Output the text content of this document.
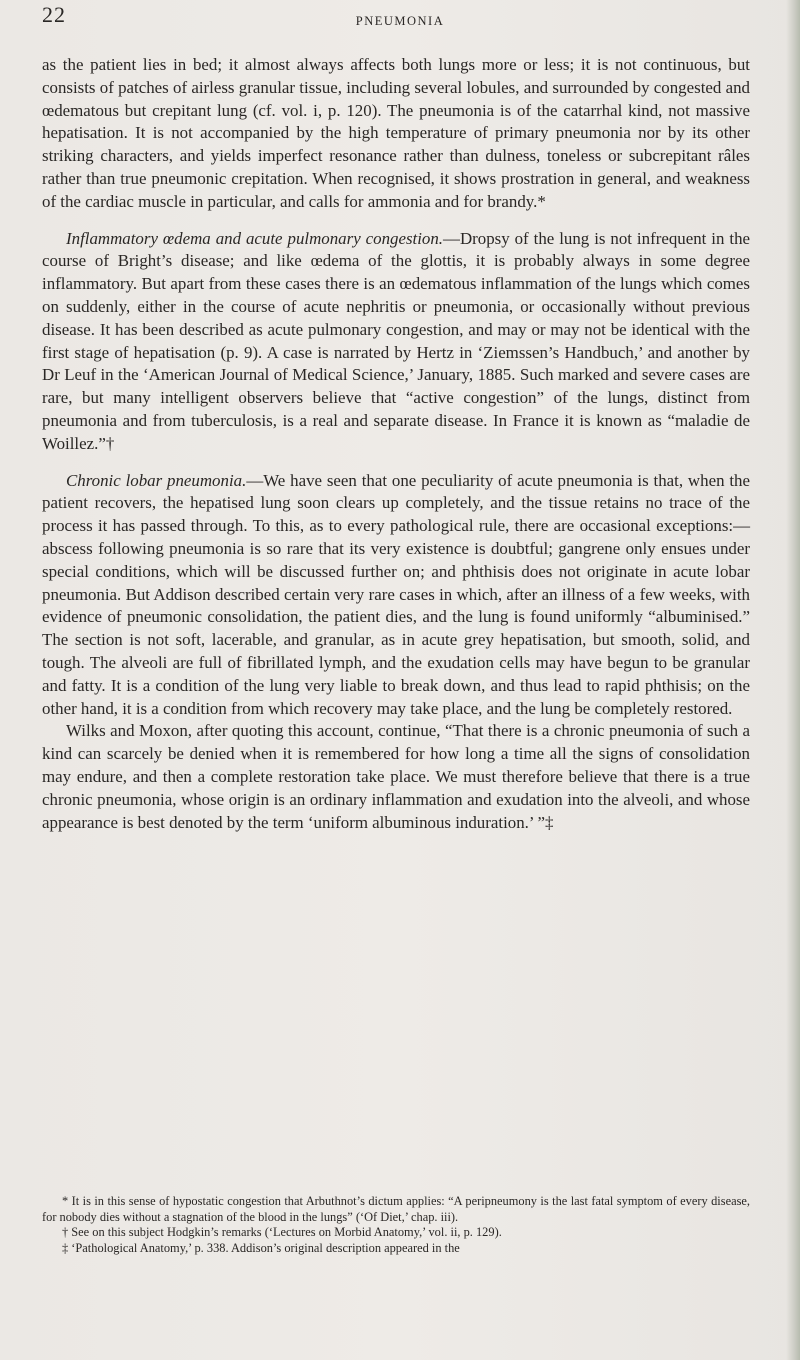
22	PNEUMONIA

as the patient lies in bed; it almost always affects both lungs more or less; it is not continuous, but consists of patches of airless granular tissue, including several lobules, and surrounded by congested and œdematous but crepitant lung (cf. vol. i, p. 120). The pneumonia is of the catarrhal kind, not massive hepatisation. It is not accompanied by the high temperature of primary pneumonia nor by its other striking characters, and yields imperfect resonance rather than dulness, toneless or subcrepitant râles rather than true pneumonic crepitation. When recognised, it shows prostration in general, and weakness of the cardiac muscle in particular, and calls for ammonia and for brandy.*

Inflammatory œdema and acute pulmonary congestion.—Dropsy of the lung is not infrequent in the course of Bright’s disease; and like œdema of the glottis, it is probably always in some degree inflammatory. But apart from these cases there is an œdematous inflammation of the lungs which comes on suddenly, either in the course of acute nephritis or pneumonia, or occasionally without previous disease. It has been described as acute pulmonary congestion, and may or may not be identical with the first stage of hepatisation (p. 9). A case is narrated by Hertz in ‘Ziemssen’s Handbuch,’ and another by Dr Leuf in the ‘American Journal of Medical Science,’ January, 1885. Such marked and severe cases are rare, but many intelligent observers believe that “active congestion” of the lungs, distinct from pneumonia and from tuberculosis, is a real and separate disease. In France it is known as “maladie de Woillez.”†

Chronic lobar pneumonia.—We have seen that one peculiarity of acute pneumonia is that, when the patient recovers, the hepatised lung soon clears up completely, and the tissue retains no trace of the process it has passed through. To this, as to every pathological rule, there are occasional exceptions:—abscess following pneumonia is so rare that its very existence is doubtful; gangrene only ensues under special conditions, which will be discussed further on; and phthisis does not originate in acute lobar pneumonia. But Addison described certain very rare cases in which, after an illness of a few weeks, with evidence of pneumonic consolidation, the patient dies, and the lung is found uniformly “albuminised.” The section is not soft, lacerable, and granular, as in acute grey hepatisation, but smooth, solid, and tough. The alveoli are full of fibrillated lymph, and the exudation cells may have begun to be granular and fatty. It is a condition of the lung very liable to break down, and thus lead to rapid phthisis; on the other hand, it is a condition from which recovery may take place, and the lung be completely restored.

Wilks and Moxon, after quoting this account, continue, “That there is a chronic pneumonia of such a kind can scarcely be denied when it is remembered for how long a time all the signs of consolidation may endure, and then a complete restoration take place. We must therefore believe that there is a true chronic pneumonia, whose origin is an ordinary inflammation and exudation into the alveoli, and whose appearance is best denoted by the term ‘uniform albuminous induration.’ ”‡

* It is in this sense of hypostatic congestion that Arbuthnot’s dictum applies: “A peripneumony is the last fatal symptom of every disease, for nobody dies without a stagnation of the blood in the lungs” (‘Of Diet,’ chap. iii).

† See on this subject Hodgkin’s remarks (‘Lectures on Morbid Anatomy,’ vol. ii, p. 129).

‡ ‘Pathological Anatomy,’ p. 338. Addison’s original description appeared in the
